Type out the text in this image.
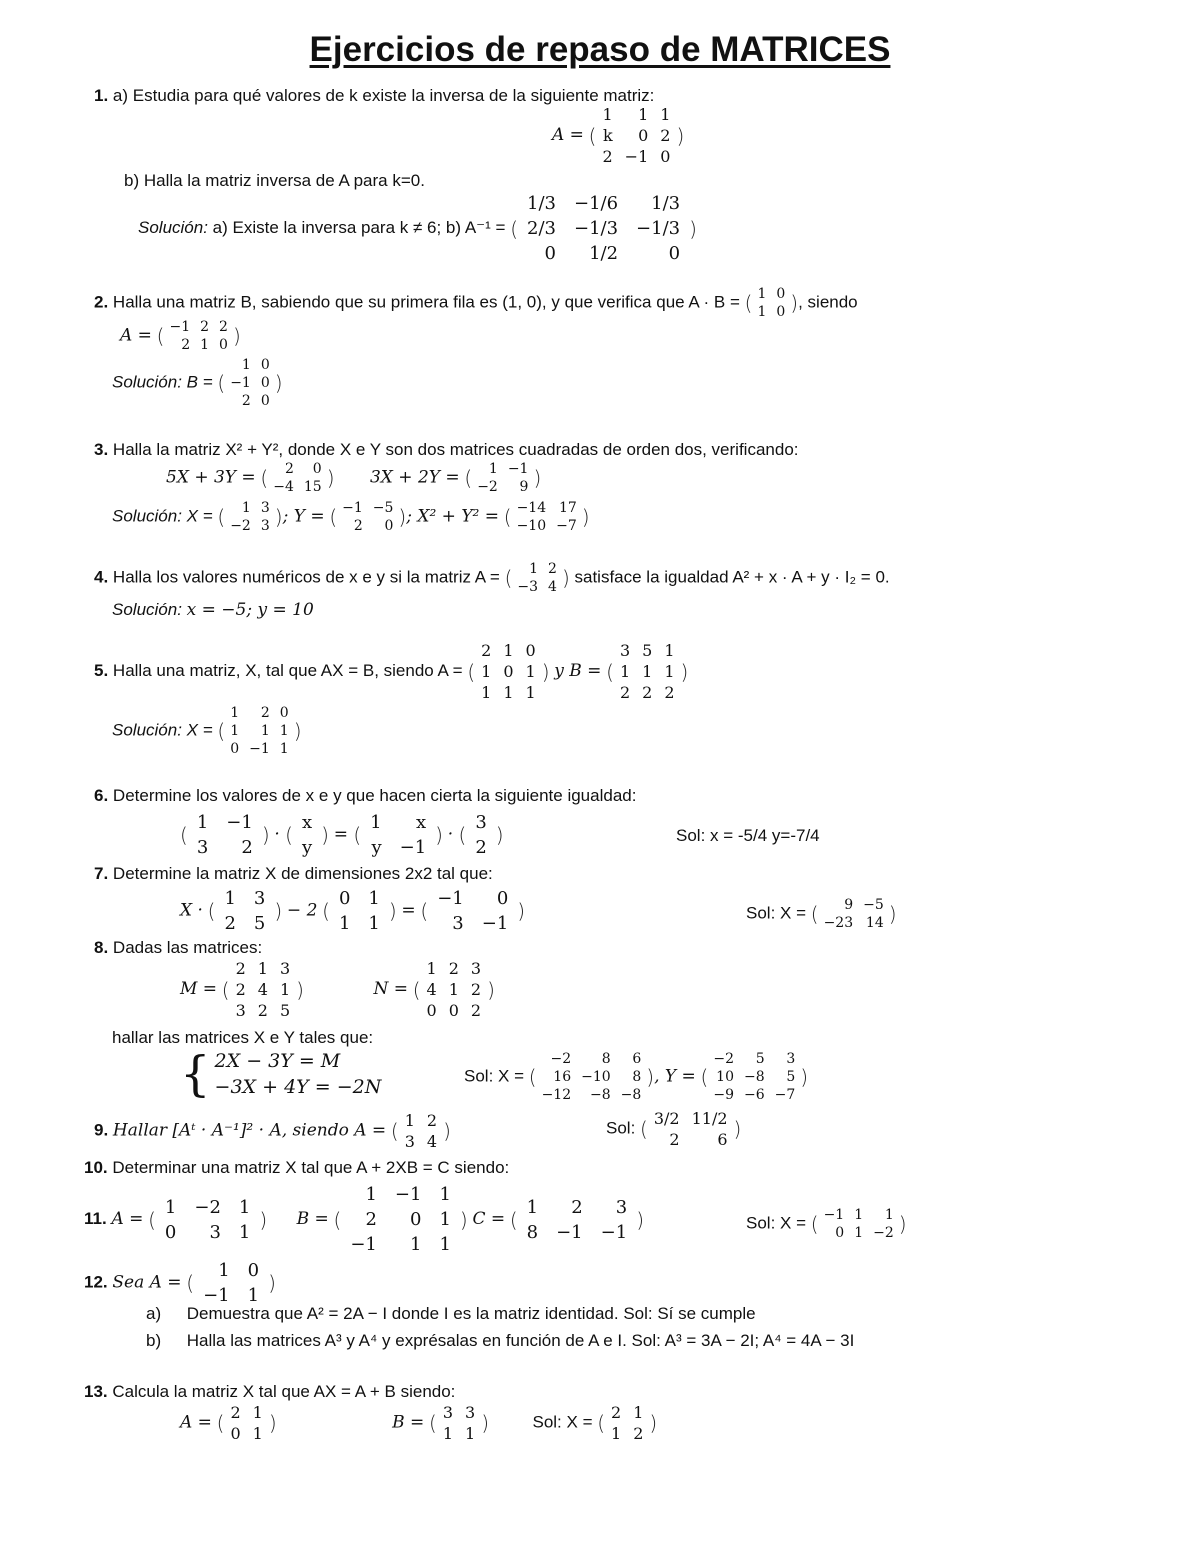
Ejercicios de repaso de MATRICES
1. a) Estudia para qué valores de k existe la inversa de la siguiente matriz:
A = (
1	1	1
k	0	2
2	−1	0
)
b) Halla la matriz inversa de A para k=0.
Solución: a) Existe la inversa para k ≠ 6; b) A⁻¹ = (
1/3	−1/6	1/3
2/3	−1/3	−1/3
0	1/2	0
)
2. Halla una matriz B, sabiendo que su primera fila es (1, 0), y que verifica que A · B = ( 1	0
1	0 ) , siendo
A = ( −1	2	2
2	1	0 )
Solución: B = (
1	0
−1	0
2	0
)
3. Halla la matriz X² + Y², donde X e Y son dos matrices cuadradas de orden dos, verificando:
5X + 3Y = ( 2	0
−4	15 ) 3X + 2Y = ( 1	−1
−2	9 )
Solución: X = ( 1	3
−2	3 ) ; Y = ( −1	−5
2	0 ) ; X² + Y² = ( −14	17
−10	−7 )
4. Halla los valores numéricos de x e y si la matriz A = ( 1	2
−3	4 ) satisface la igualdad A² + x · A + y · I₂ = 0.
Solución: x = −5; y = 10
5. Halla una matriz, X, tal que AX = B, siendo A = (
2	1	0
1	0	1
1	1	1
) y B = (
3	5	1
1	1	1
2	2	2
)
Solución: X = (
1	2	0
1	1	1
0	−1	1
)
6. Determine los valores de x e y que hacen cierta la siguiente igualdad:
(
1	−1
3	2
) · (
x
y
) = (
1	x
y	−1
) · (
3
2
)	Sol: x = -5/4 y=-7/4
7. Determine la matriz X de dimensiones 2x2 tal que:
X · (
1	3
2	5
) − 2 (
0	1
1	1
) = (
−1	0
3	−1
)	Sol: X = ( 9	−5
−23	14 )
8. Dadas las matrices:
M = (
2	1	3
2	4	1
3	2	5
)	N = (
1	2	3
4	1	2
0	0	2
)
hallar las matrices X e Y tales que:
{ 2X − 3Y = M
−3X + 4Y = −2N
Sol: X = (
−2	8	6
16	−10	8
−12	−8	−8
) , Y = (
−2	5	3
10	−8	5
−9	−6	−7
)
9. Hallar [Aᵗ · A⁻¹]² · A, siendo A = ( 1	2
3	4 )	Sol: ( 3/2	11/2
2	6 )
10. Determinar una matriz X tal que A + 2XB = C siendo:
11. A = (
1	−2	1
0	3	1
) B = (
1	−1	1
2	0	1
−1	1	1
) C = (
1	2	3
8	−1	−1
)	Sol: X = ( −1	1	1
0	1	−2 )
12. Sea A = (
1	0
−1	1
)
a) Demuestra que A² = 2A − I donde I es la matriz identidad. Sol: Sí se cumple
b) Halla las matrices A³ y A⁴ y exprésalas en función de A e I. Sol: A³ = 3A − 2I; A⁴ = 4A − 3I
13. Calcula la matriz X tal que AX = A + B siendo:
A = ( 2	1
0	1 )	B = ( 3	3
1	1 )	Sol: X = ( 2	1
1	2 )
